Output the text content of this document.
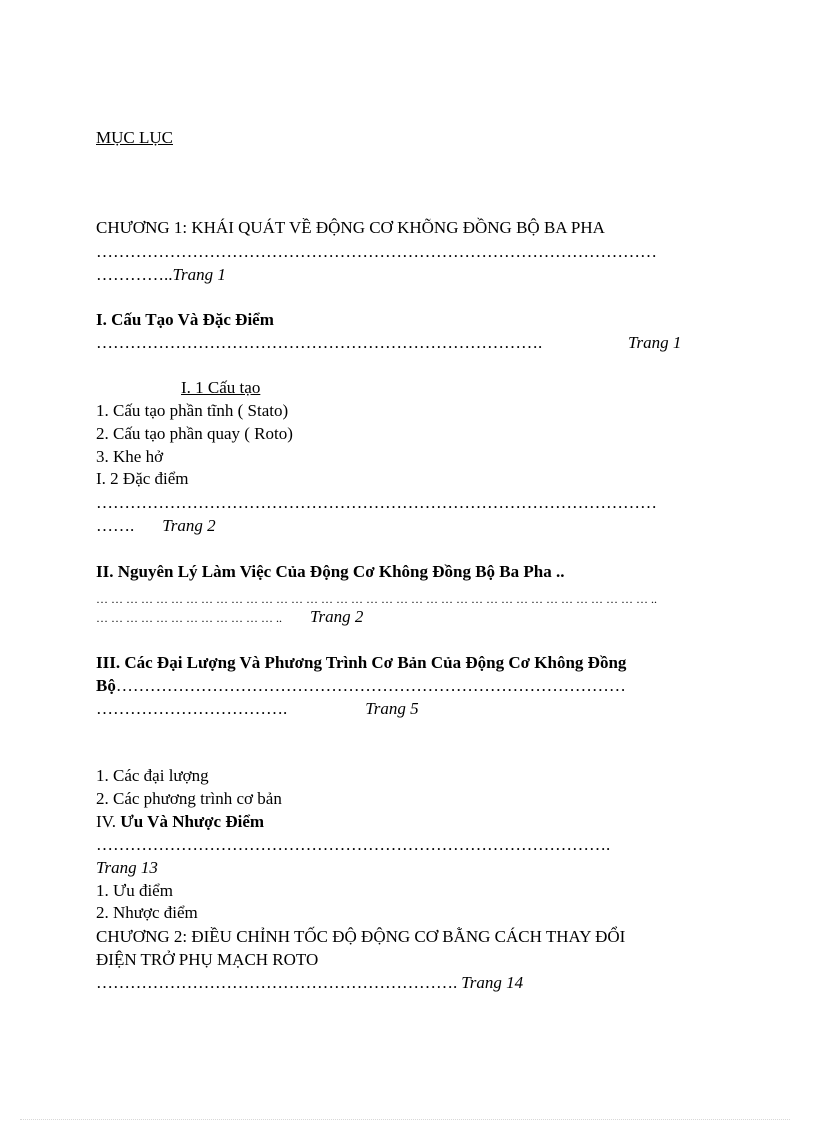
MỤC LỤC

CHƯƠNG 1: KHÁI QUÁT VỀ ĐỘNG CƠ KHÕNG ĐỒNG BỘ BA PHA

………………………………………………………………………………………

…………..Trang 1

I. Cấu Tạo Và Đặc Điểm

…………………………………………………………………….	Trang 1

I. 1 Cấu tạo

1. Cấu tạo phần tĩnh ( Stato)

2. Cấu tạo phần quay ( Roto)

3. Khe hở

I. 2 Đặc điểm

………………………………………………………………………………………

……. Trang 2

II. Nguyên Lý Làm Việc Của Động Cơ Không Đồng Bộ Ba Pha ..

… … … … … … … … … … … … … … … … … … … … … … … … … … … … … … … … … … … … … ..

… … … … … … … … … … … … .. Trang 2

III. Các Đại Lượng Và Phương Trình Cơ Bản Của Động Cơ Không Đồng

Bộ………………………………………………………………………………

…………………………….	Trang 5

1. Các đại lượng

2. Các phương trình cơ bản

IV. Ưu Và Nhược Điểm

……………………………………………………………………………….

Trang 13

1. Ưu điểm

2. Nhược điểm

CHƯƠNG 2: ĐIỀU CHỈNH TỐC ĐỘ ĐỘNG CƠ BẰNG CÁCH THAY ĐỔI

ĐIỆN TRỞ PHỤ MẠCH ROTO

………………………………………………………. Trang 14
